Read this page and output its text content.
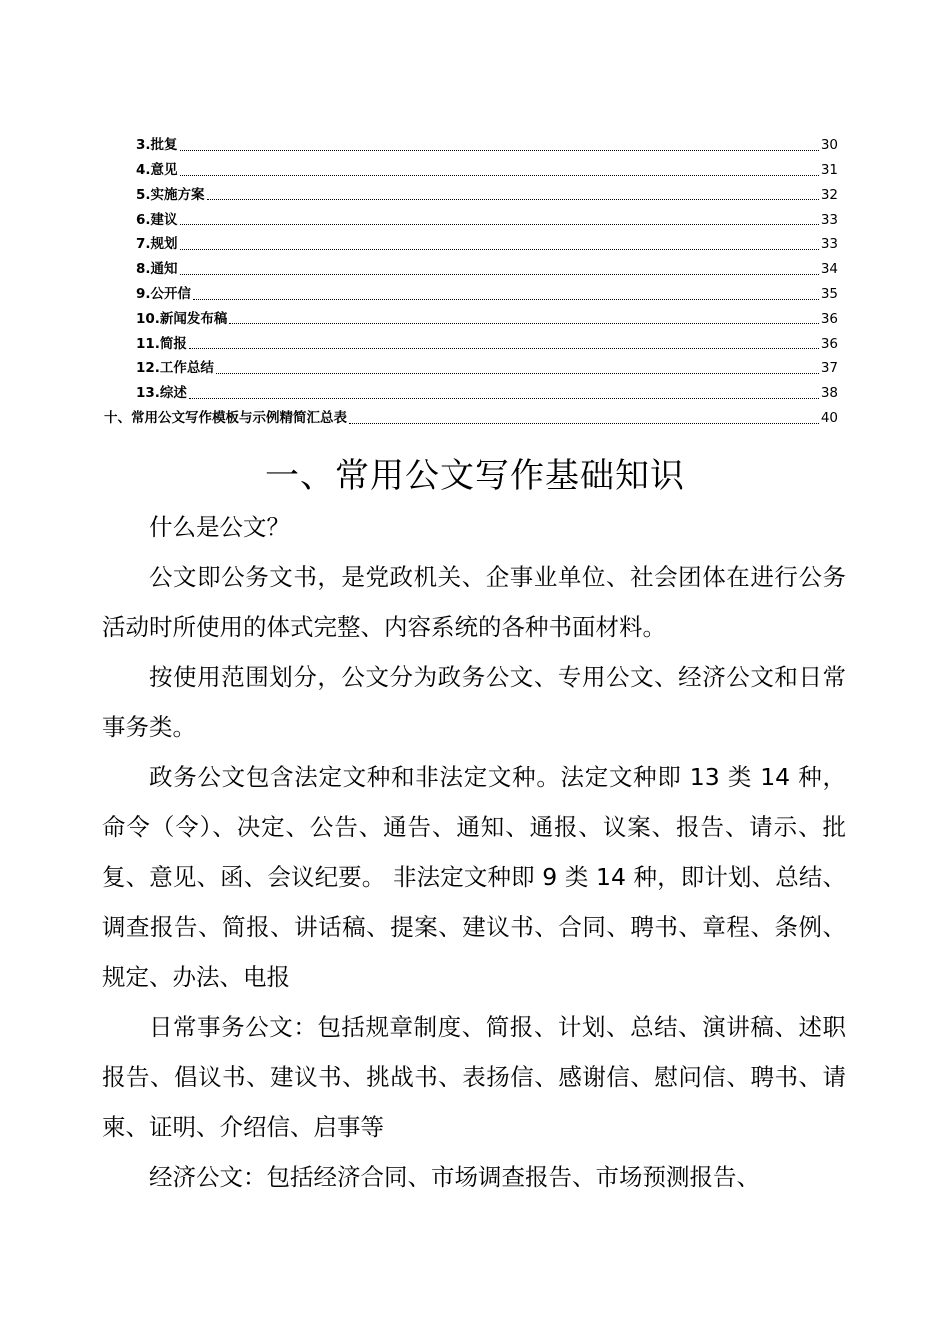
3.批复	30
4.意见	31
5.实施方案	32
6.建议	33
7.规划	33
8.通知	34
9.公开信	35
10.新闻发布稿	36
11.简报	36
12.工作总结	37
13.综述	38
十、常用公文写作模板与示例精简汇总表	40
一、常用公文写作基础知识

什么是公文？

公文即公务文书，是党政机关、企事业单位、社会团体在进行公务活动时所使用的体式完整、内容系统的各种书面材料。

按使用范围划分，公文分为政务公文、专用公文、经济公文和日常事务类。

政务公文包含法定文种和非法定文种。法定文种即 13 类 14 种，命令（令）、决定、公告、通告、通知、通报、议案、报告、请示、批复、意见、函、会议纪要。 非法定文种即 9 类 14 种，即计划、总结、调查报告、简报、讲话稿、提案、建议书、合同、聘书、章程、条例、规定、办法、电报

日常事务公文：包括规章制度、简报、计划、总结、演讲稿、述职报告、倡议书、建议书、挑战书、表扬信、感谢信、慰问信、聘书、请柬、证明、介绍信、启事等

经济公文：包括经济合同、市场调查报告、市场预测报告、
